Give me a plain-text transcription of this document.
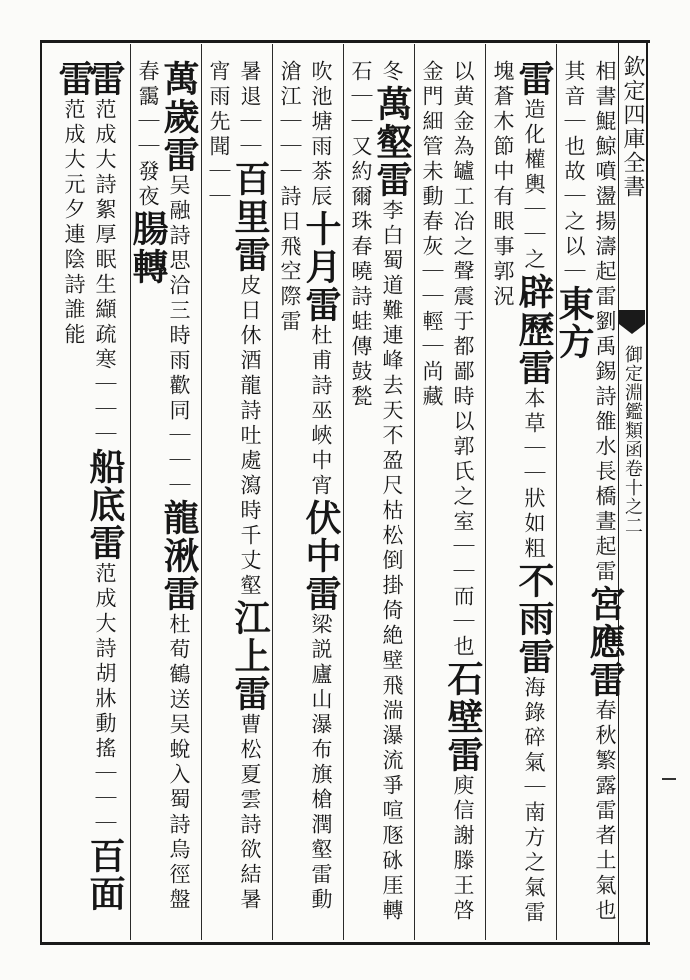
欽定四庫全書
御定淵鑑類函卷十之二
相書鯤鯨噴盪揚濤起雷劉禹錫詩雒水長橋晝起雷宮應雷春秋繁露雷者土氣也其音｜也故｜之以｜東方
雷造化權輿｜｜之辟歷雷本草｜｜狀如粗不雨雷海錄碎氣｜南方之氣雷塊蒼木節中有眼事郭況
以黄金為罏工冶之聲震于都鄙時以郭氏之室｜｜而｜也石壁雷庾信謝滕王啓金門細管未動春灰｜｜輕｜尚藏
冬萬壑雷李白蜀道難連峰去天不盈尺枯松倒掛倚絶壁飛湍瀑流爭喧豗砯厓轉石｜｜又約爾珠春曉詩蛙傳鼓甃
吹池塘雨茶辰十月雷杜甫詩巫峽中宵伏中雷梁説廬山瀑布旗槍潤壑雷動滄江｜｜｜詩日飛空際雷
暑退｜｜百里雷皮日休酒龍詩吐處瀉時千丈壑江上雷曹松夏雲詩欲結暑宵雨先聞｜｜
萬歲雷吴融詩思洽三時雨歡同｜｜｜龍湫雷杜荀鶴送吴蛻入蜀詩烏徑盤春靄｜｜發夜腸轉
雷范成大詩絮厚眠生纈疏寒｜｜｜船底雷范成大詩胡牀動搖｜｜｜百面雷范成大元夕連陰詩誰能
